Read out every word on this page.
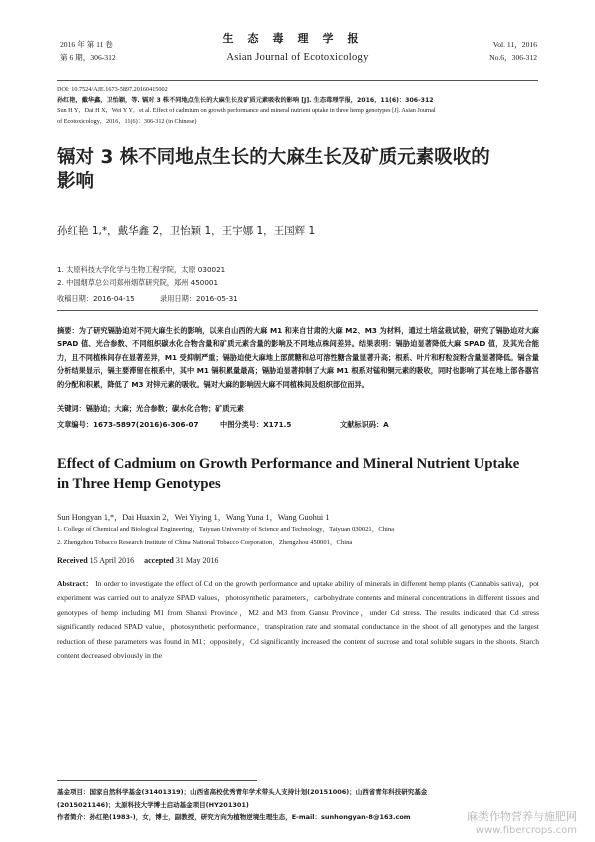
2016 年 第 11 卷
第 6 期，306-312
生态毒理学报
Asian Journal of Ecotoxicology
Vol. 11，2016
No.6，306-312
DOI: 10.7524/AJE.1673-5897.20160415002
孙红艳，戴华鑫，卫怡颖，等. 镉对 3 株不同地点生长的大麻生长及矿质元素吸收的影响 [J]. 生态毒理学报，2016，11(6)：306-312
Sun H Y，Dai H X，Wei Y Y，et al. Effect of cadmium on growth performance and mineral nutrient uptake in three hemp genotypes [J]. Asian Journal
of Ecotoxicology，2016，11(6)：306-312 (in Chinese)
镉对 3 株不同地点生长的大麻生长及矿质元素吸收的
影响
孙红艳 1,*，戴华鑫 2，卫怡颖 1，王宇娜 1，王国辉 1
1. 太原科技大学化学与生物工程学院，太原 030021
2. 中国烟草总公司郑州烟草研究院，郑州 450001
收稿日期：2016-04-15	录用日期：2016-05-31
摘要：为了研究镉胁迫对不同大麻生长的影响，以来自山西的大麻 M1 和来自甘肃的大麻 M2、M3 为材料，通过土培盆栽试验，研究了镉胁迫对大麻 SPAD 值、光合参数、不同组织碳水化合物含量和矿质元素含量的影响及不同地点株间差异。结果表明：镉胁迫显著降低大麻 SPAD 值，及其光合能力，且不同植株间存在显著差异，M1 受抑制严重；镉胁迫使大麻地上部蔗糖和总可溶性糖含量显著升高；根系、叶片和籽粒淀粉含量显著降低。镉含量分析结果显示，镉主要滞留在根系中，其中 M1 镉积累量最高；镉胁迫显著抑制了大麻 M1 根系对锰和铜元素的吸收，同时也影响了其在地上部各器官的分配和积累，降低了 M3 对锌元素的吸收。镉对大麻的影响因大麻不同植株间及组织部位而异。
关键词：镉胁迫；大麻；光合参数；碳水化合物；矿质元素
文章编号：1673-5897(2016)6-306-07	中图分类号：X171.5	文献标识码：A
Effect of Cadmium on Growth Performance and Mineral Nutrient Uptake
in Three Hemp Genotypes
Sun Hongyan 1,*，Dai Huaxin 2，Wei Yiying 1，Wang Yuna 1，Wang Guohui 1
1. College of Chemical and Biological Engineering，Taiyuan University of Science and Technology，Taiyuan 030021，China
2. Zhengzhou Tobacco Research Institute of China National Tobacco Corporation，Zhengzhou 450001，China
Received 15 April 2016 accepted 31 May 2016
Abstract： In order to investigate the effect of Cd on the growth performance and uptake ability of minerals in different hemp plants (Cannabis sativa)，pot experiment was carried out to analyze SPAD values，photosynthetic parameters，carbohydrate contents and mineral concentrations in different tissues and genotypes of hemp including M1 from Shanxi Province，M2 and M3 from Gansu Province，under Cd stress. The results indicated that Cd stress significantly reduced SPAD value，photosynthetic performance，transpiration rate and stomatal conductance in the shoot of all genotypes and the largest reduction of these parameters was found in M1；oppositely，Cd significantly increased the content of sucrose and total soluble sugars in the shoots. Starch content decreased obviously in the
基金项目：国家自然科学基金(31401319)；山西省高校优秀青年学术带头人支持计划(20151006)；山西省青年科技研究基金
(2015021146)；太原科技大学博士启动基金项目(HY201301)
作者简介：孙红艳(1983-)，女，博士，副教授，研究方向为植物逆境生理生态，E-mail：sunhongyan-8@163.com	麻类作物营养与施肥网
www.fibercrops.com
